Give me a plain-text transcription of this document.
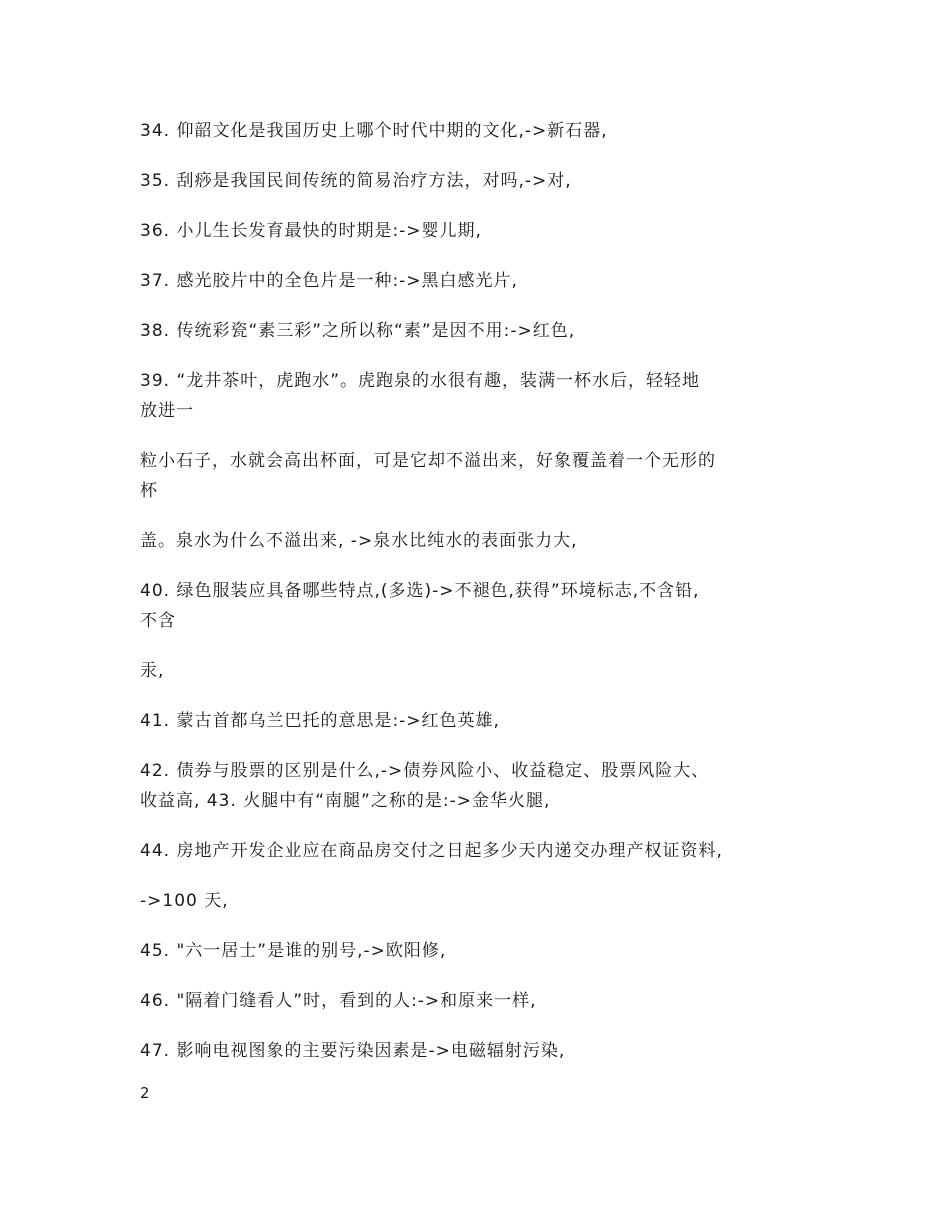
34. 仰韶文化是我国历史上哪个时代中期的文化,->新石器,
35. 刮痧是我国民间传统的简易治疗方法，对吗,->对,
36. 小儿生长发育最快的时期是:->婴儿期,
37. 感光胶片中的全色片是一种:->黑白感光片,
38. 传统彩瓷“素三彩”之所以称“素”是因不用:->红色,
39. “龙井茶叶，虎跑水”。虎跑泉的水很有趣，装满一杯水后，轻轻地
放进一
粒小石子，水就会高出杯面，可是它却不溢出来，好象覆盖着一个无形的
杯
盖。泉水为什么不溢出来, ->泉水比纯水的表面张力大,
40. 绿色服装应具备哪些特点,(多选)->不褪色,获得”环境标志,不含铅,
不含
汞,
41. 蒙古首都乌兰巴托的意思是:->红色英雄,
42. 债券与股票的区别是什么,->债券风险小、收益稳定、股票风险大、
收益高, 43. 火腿中有“南腿”之称的是:->金华火腿,
44. 房地产开发企业应在商品房交付之日起多少天内递交办理产权证资料,
->100 天,
45. "六一居士”是谁的别号,->欧阳修,
46. "隔着门缝看人”时，看到的人:->和原来一样,
47. 影响电视图象的主要污染因素是->电磁辐射污染,
2
